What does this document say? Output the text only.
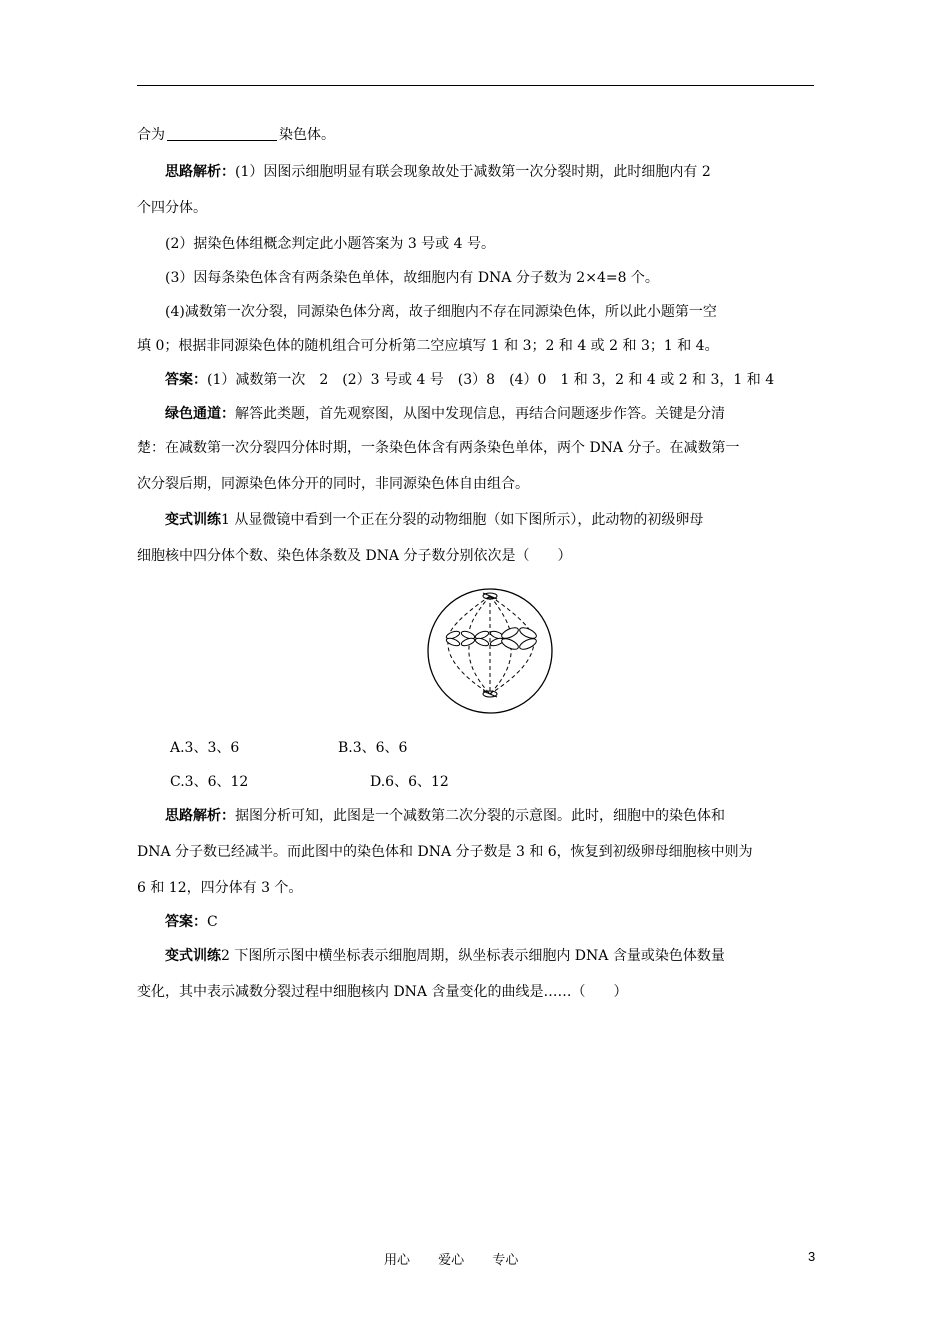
合为	染色体。
思路解析：(1）因图示细胞明显有联会现象故处于减数第一次分裂时期，此时细胞内有 2
个四分体。
(2）据染色体组概念判定此小题答案为 3 号或 4 号。
(3）因每条染色体含有两条染色单体，故细胞内有 DNA 分子数为 2×4=8 个。
(4)减数第一次分裂，同源染色体分离，故子细胞内不存在同源染色体，所以此小题第一空
填 0；根据非同源染色体的随机组合可分析第二空应填写 1 和 3；2 和 4 或 2 和 3；1 和 4。
答案：(1）减数第一次　2　(2）3 号或 4 号　(3）8　(4）0　1 和 3，2 和 4 或 2 和 3，1 和 4
绿色通道：解答此类题，首先观察图，从图中发现信息，再结合问题逐步作答。关键是分清
楚：在减数第一次分裂四分体时期，一条染色体含有两条染色单体，两个 DNA 分子。在减数第一
次分裂后期，同源染色体分开的同时，非同源染色体自由组合。
变式训练1 从显微镜中看到一个正在分裂的动物细胞（如下图所示），此动物的初级卵母
细胞核中四分体个数、染色体条数及 DNA 分子数分别依次是（　　）
A.3、3、6	B.3、6、6
C.3、6、12	D.6、6、12
思路解析：据图分析可知，此图是一个减数第二次分裂的示意图。此时，细胞中的染色体和
DNA 分子数已经减半。而此图中的染色体和 DNA 分子数是 3 和 6，恢复到初级卵母细胞核中则为
6 和 12，四分体有 3 个。
答案：C
变式训练2 下图所示图中横坐标表示细胞周期，纵坐标表示细胞内 DNA 含量或染色体数量
变化，其中表示减数分裂过程中细胞核内 DNA 含量变化的曲线是……（　　）
用心 爱心 专心	3
